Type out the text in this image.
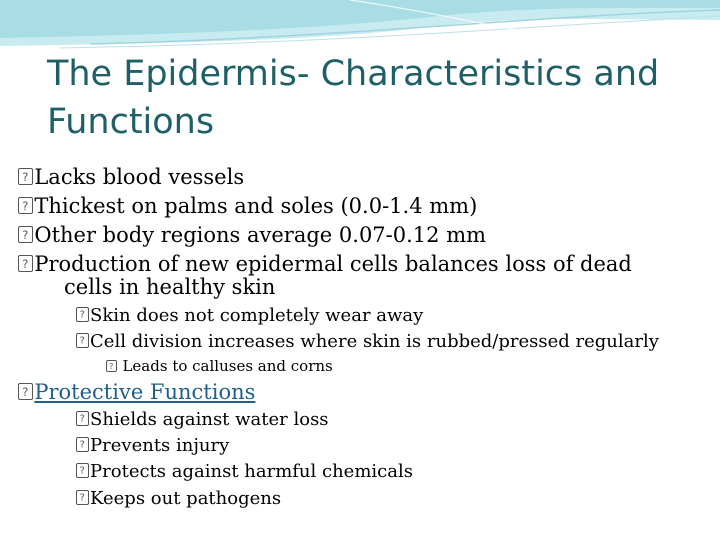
The Epidermis- Characteristics and Functions
?Lacks blood vessels
?Thickest on palms and soles (0.0-1.4 mm)
?Other body regions average 0.07-0.12 mm
?Production of new epidermal cells balances loss of dead
cells in healthy skin
?Skin does not completely wear away
?Cell division increases where skin is rubbed/pressed regularly
? Leads to calluses and corns
?Protective Functions
?Shields against water loss
?Prevents injury
?Protects against harmful chemicals
?Keeps out pathogens
